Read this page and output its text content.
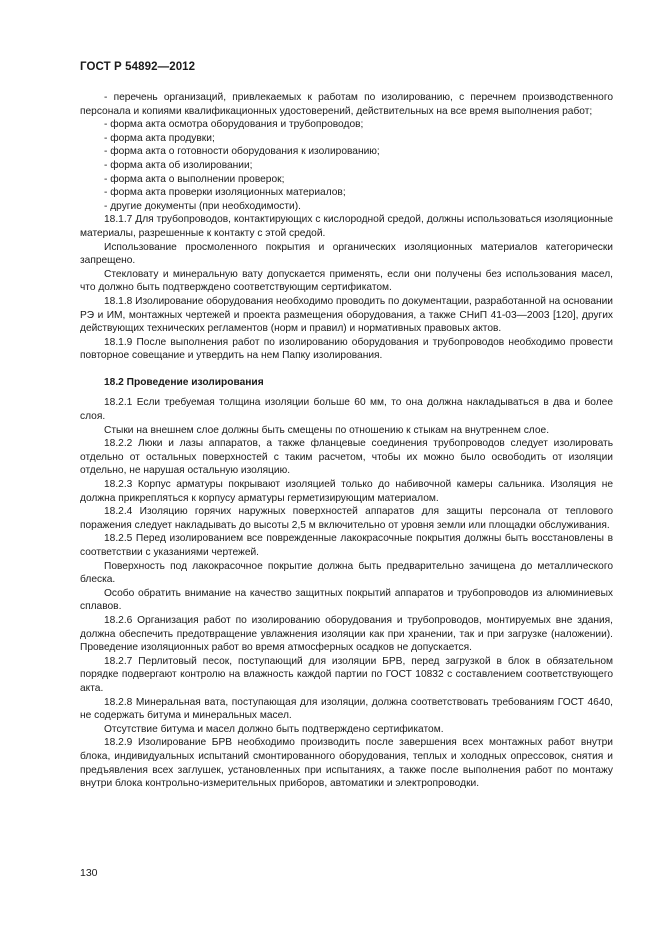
ГОСТ Р 54892—2012

- перечень организаций, привлекаемых к работам по изолированию, с перечнем производственного персонала и копиями квалификационных удостоверений, действительных на все время выполнения работ;

- форма акта осмотра оборудования и трубопроводов;

- форма акта продувки;

- форма акта о готовности оборудования к изолированию;

- форма акта об изолировании;

- форма акта о выполнении проверок;

- форма акта проверки изоляционных материалов;

- другие документы (при необходимости).

18.1.7 Для трубопроводов, контактирующих с кислородной средой, должны использоваться изоляционные материалы, разрешенные к контакту с этой средой.

Использование просмоленного покрытия и органических изоляционных материалов категорически запрещено.

Стекловату и минеральную вату допускается применять, если они получены без использования масел, что должно быть подтверждено соответствующим сертификатом.

18.1.8 Изолирование оборудования необходимо проводить по документации, разработанной на основании РЭ и ИМ, монтажных чертежей и проекта размещения оборудования, а также СНиП 41-03—2003 [120], других действующих технических регламентов (норм и правил) и нормативных правовых актов.

18.1.9 После выполнения работ по изолированию оборудования и трубопроводов необходимо провести повторное совещание и утвердить на нем Папку изолирования.

18.2 Проведение изолирования

18.2.1 Если требуемая толщина изоляции больше 60 мм, то она должна накладываться в два и более слоя.

Стыки на внешнем слое должны быть смещены по отношению к стыкам на внутреннем слое.

18.2.2 Люки и лазы аппаратов, а также фланцевые соединения трубопроводов следует изолировать отдельно от остальных поверхностей с таким расчетом, чтобы их можно было освободить от изоляции отдельно, не нарушая остальную изоляцию.

18.2.3 Корпус арматуры покрывают изоляцией только до набивочной камеры сальника. Изоляция не должна прикрепляться к корпусу арматуры герметизирующим материалом.

18.2.4 Изоляцию горячих наружных поверхностей аппаратов для защиты персонала от теплового поражения следует накладывать до высоты 2,5 м включительно от уровня земли или площадки обслуживания.

18.2.5 Перед изолированием все поврежденные лакокрасочные покрытия должны быть восстановлены в соответствии с указаниями чертежей.

Поверхность под лакокрасочное покрытие должна быть предварительно зачищена до металлического блеска.

Особо обратить внимание на качество защитных покрытий аппаратов и трубопроводов из алюминиевых сплавов.

18.2.6 Организация работ по изолированию оборудования и трубопроводов, монтируемых вне здания, должна обеспечить предотвращение увлажнения изоляции как при хранении, так и при загрузке (наложении). Проведение изоляционных работ во время атмосферных осадков не допускается.

18.2.7 Перлитовый песок, поступающий для изоляции БРВ, перед загрузкой в блок в обязательном порядке подвергают контролю на влажность каждой партии по ГОСТ 10832 с составлением соответствующего акта.

18.2.8 Минеральная вата, поступающая для изоляции, должна соответствовать требованиям ГОСТ 4640, не содержать битума и минеральных масел.

Отсутствие битума и масел должно быть подтверждено сертификатом.

18.2.9 Изолирование БРВ необходимо производить после завершения всех монтажных работ внутри блока, индивидуальных испытаний смонтированного оборудования, теплых и холодных опрессовок, снятия и предъявления всех заглушек, установленных при испытаниях, а также после выполнения работ по монтажу внутри блока контрольно-измерительных приборов, автоматики и электропроводки.

130
